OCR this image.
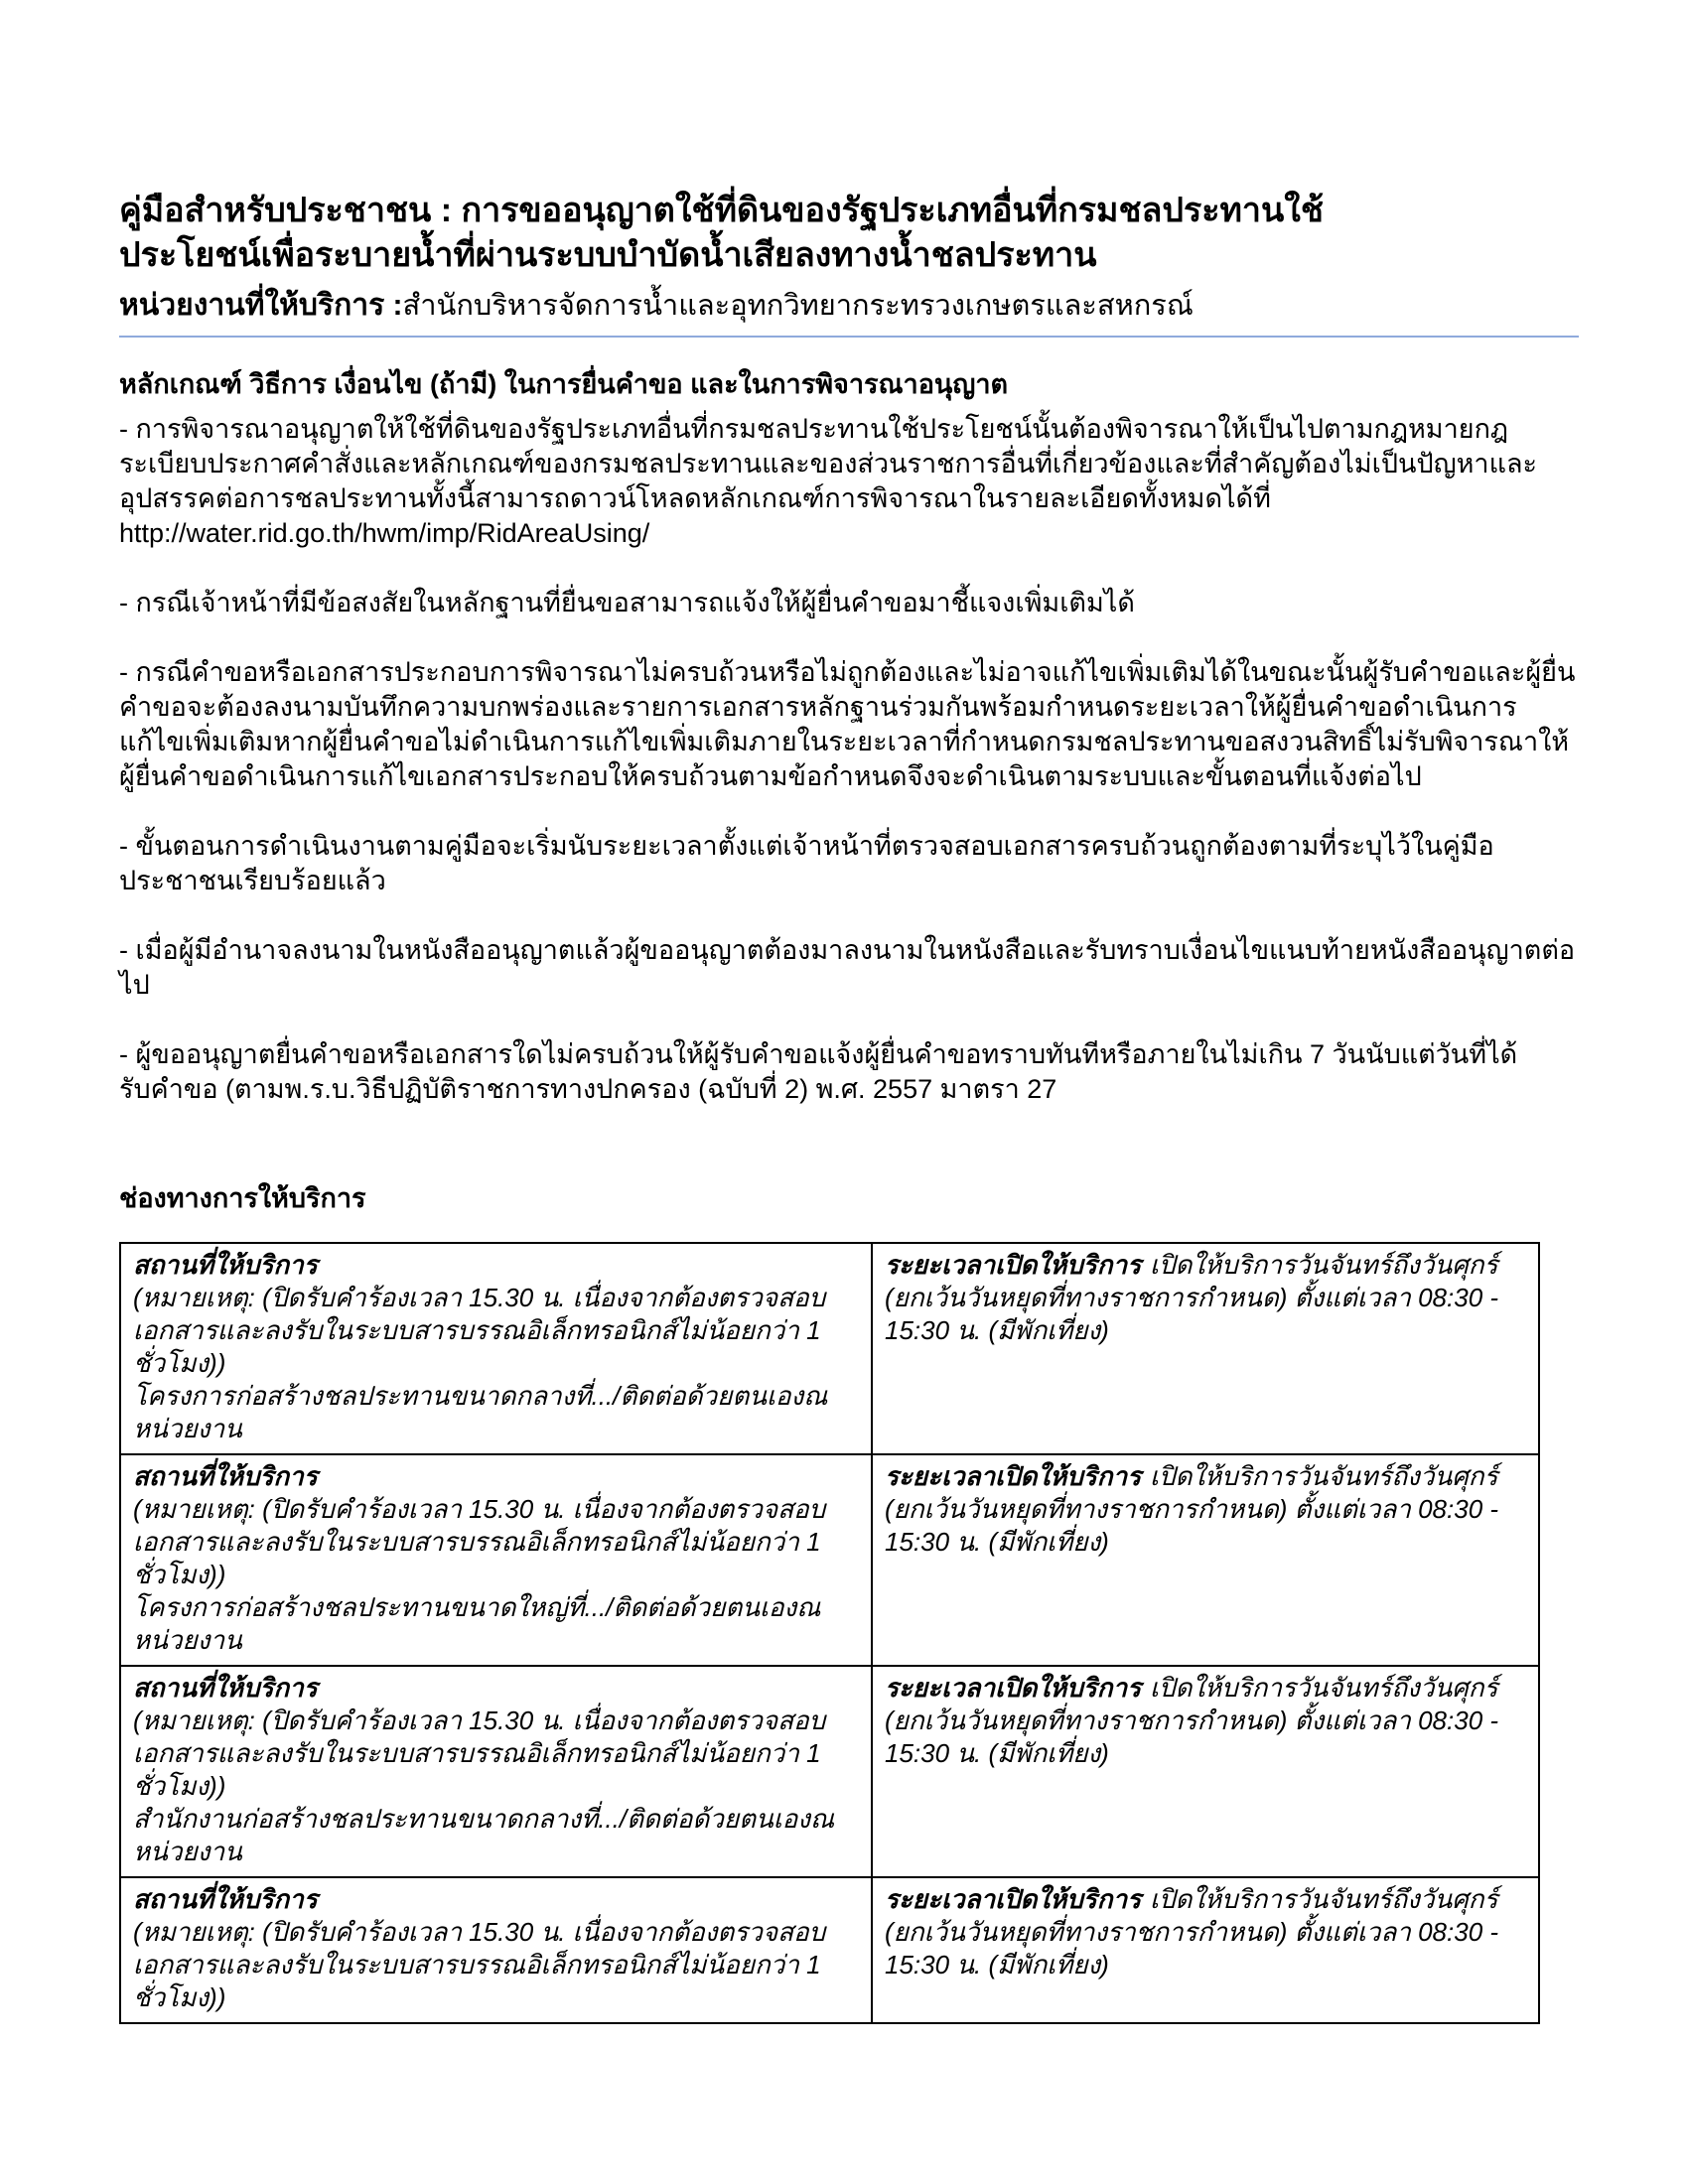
คู่มือสำหรับประชาชน : การขออนุญาตใช้ที่ดินของรัฐประเภทอื่นที่กรมชลประทานใช้ประโยชน์เพื่อระบายน้ำที่ผ่านระบบบำบัดน้ำเสียลงทางน้ำชลประทาน
หน่วยงานที่ให้บริการ :สำนักบริหารจัดการน้ำและอุทกวิทยากระทรวงเกษตรและสหกรณ์
หลักเกณฑ์ วิธีการ เงื่อนไข (ถ้ามี) ในการยื่นคำขอ และในการพิจารณาอนุญาต

- การพิจารณาอนุญาตให้ใช้ที่ดินของรัฐประเภทอื่นที่กรมชลประทานใช้ประโยชน์นั้นต้องพิจารณาให้เป็นไปตามกฎหมายกฎระเบียบประกาศคำสั่งและหลักเกณฑ์ของกรมชลประทานและของส่วนราชการอื่นที่เกี่ยวข้องและที่สำคัญต้องไม่เป็นปัญหาและอุปสรรคต่อการชลประทานทั้งนี้สามารถดาวน์โหลดหลักเกณฑ์การพิจารณาในรายละเอียดทั้งหมดได้ที่ http://water.rid.go.th/hwm/imp/RidAreaUsing/

- กรณีเจ้าหน้าที่มีข้อสงสัยในหลักฐานที่ยื่นขอสามารถแจ้งให้ผู้ยื่นคำขอมาชี้แจงเพิ่มเติมได้

- กรณีคำขอหรือเอกสารประกอบการพิจารณาไม่ครบถ้วนหรือไม่ถูกต้องและไม่อาจแก้ไขเพิ่มเติมได้ในขณะนั้นผู้รับคำขอและผู้ยื่นคำขอจะต้องลงนามบันทึกความบกพร่องและรายการเอกสารหลักฐานร่วมกันพร้อมกำหนดระยะเวลาให้ผู้ยื่นคำขอดำเนินการแก้ไขเพิ่มเติมหากผู้ยื่นคำขอไม่ดำเนินการแก้ไขเพิ่มเติมภายในระยะเวลาที่กำหนดกรมชลประทานขอสงวนสิทธิ์ไม่รับพิจารณาให้ผู้ยื่นคำขอดำเนินการแก้ไขเอกสารประกอบให้ครบถ้วนตามข้อกำหนดจึงจะดำเนินตามระบบและขั้นตอนที่แจ้งต่อไป

- ขั้นตอนการดำเนินงานตามคู่มือจะเริ่มนับระยะเวลาตั้งแต่เจ้าหน้าที่ตรวจสอบเอกสารครบถ้วนถูกต้องตามที่ระบุไว้ในคู่มือประชาชนเรียบร้อยแล้ว

- เมื่อผู้มีอำนาจลงนามในหนังสืออนุญาตแล้วผู้ขออนุญาตต้องมาลงนามในหนังสือและรับทราบเงื่อนไขแนบท้ายหนังสืออนุญาตต่อไป

- ผู้ขออนุญาตยื่นคำขอหรือเอกสารใดไม่ครบถ้วนให้ผู้รับคำขอแจ้งผู้ยื่นคำขอทราบทันทีหรือภายในไม่เกิน 7 วันนับแต่วันที่ได้รับคำขอ (ตามพ.ร.บ.วิธีปฏิบัติราชการทางปกครอง (ฉบับที่ 2) พ.ศ. 2557 มาตรา 27

ช่องทางการให้บริการ
สถานที่ให้บริการ
(หมายเหตุ: (ปิดรับคำร้องเวลา 15.30 น. เนื่องจากต้องตรวจสอบเอกสารและลงรับในระบบสารบรรณอิเล็กทรอนิกส์ไม่น้อยกว่า 1 ชั่วโมง))
โครงการก่อสร้างชลประทานขนาดกลางที่.../ติดต่อด้วยตนเองณหน่วยงาน	ระยะเวลาเปิดให้บริการ เปิดให้บริการวันจันทร์ถึงวันศุกร์ (ยกเว้นวันหยุดที่ทางราชการกำหนด) ตั้งแต่เวลา 08:30 - 15:30 น. (มีพักเที่ยง)

สถานที่ให้บริการ
(หมายเหตุ: (ปิดรับคำร้องเวลา 15.30 น. เนื่องจากต้องตรวจสอบเอกสารและลงรับในระบบสารบรรณอิเล็กทรอนิกส์ไม่น้อยกว่า 1 ชั่วโมง))
โครงการก่อสร้างชลประทานขนาดใหญ่ที่.../ติดต่อด้วยตนเองณหน่วยงาน	ระยะเวลาเปิดให้บริการ เปิดให้บริการวันจันทร์ถึงวันศุกร์ (ยกเว้นวันหยุดที่ทางราชการกำหนด) ตั้งแต่เวลา 08:30 - 15:30 น. (มีพักเที่ยง)

สถานที่ให้บริการ
(หมายเหตุ: (ปิดรับคำร้องเวลา 15.30 น. เนื่องจากต้องตรวจสอบเอกสารและลงรับในระบบสารบรรณอิเล็กทรอนิกส์ไม่น้อยกว่า 1 ชั่วโมง))
สำนักงานก่อสร้างชลประทานขนาดกลางที่.../ติดต่อด้วยตนเองณหน่วยงาน	ระยะเวลาเปิดให้บริการ เปิดให้บริการวันจันทร์ถึงวันศุกร์ (ยกเว้นวันหยุดที่ทางราชการกำหนด) ตั้งแต่เวลา 08:30 - 15:30 น. (มีพักเที่ยง)

สถานที่ให้บริการ
(หมายเหตุ: (ปิดรับคำร้องเวลา 15.30 น. เนื่องจากต้องตรวจสอบเอกสารและลงรับในระบบสารบรรณอิเล็กทรอนิกส์ไม่น้อยกว่า 1 ชั่วโมง))	ระยะเวลาเปิดให้บริการ เปิดให้บริการวันจันทร์ถึงวันศุกร์ (ยกเว้นวันหยุดที่ทางราชการกำหนด) ตั้งแต่เวลา 08:30 - 15:30 น. (มีพักเที่ยง)
